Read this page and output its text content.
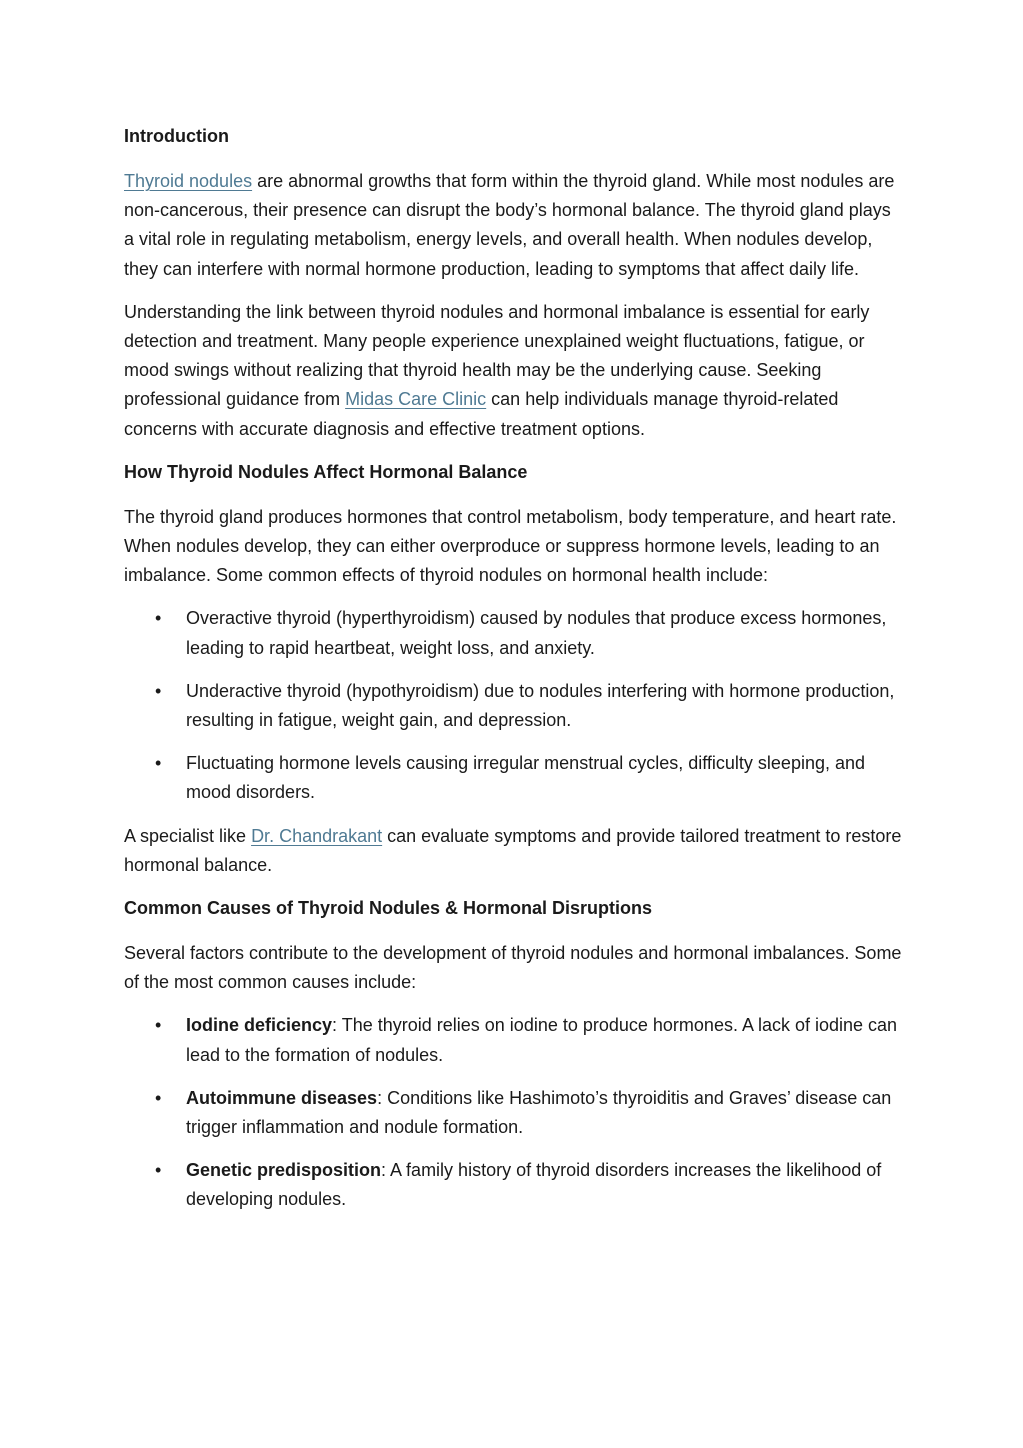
Introduction

Thyroid nodules are abnormal growths that form within the thyroid gland. While most nodules are non-cancerous, their presence can disrupt the body’s hormonal balance. The thyroid gland plays a vital role in regulating metabolism, energy levels, and overall health. When nodules develop, they can interfere with normal hormone production, leading to symptoms that affect daily life.

Understanding the link between thyroid nodules and hormonal imbalance is essential for early detection and treatment. Many people experience unexplained weight fluctuations, fatigue, or mood swings without realizing that thyroid health may be the underlying cause. Seeking professional guidance from Midas Care Clinic can help individuals manage thyroid-related concerns with accurate diagnosis and effective treatment options.

How Thyroid Nodules Affect Hormonal Balance

The thyroid gland produces hormones that control metabolism, body temperature, and heart rate. When nodules develop, they can either overproduce or suppress hormone levels, leading to an imbalance. Some common effects of thyroid nodules on hormonal health include:

• Overactive thyroid (hyperthyroidism) caused by nodules that produce excess hormones, leading to rapid heartbeat, weight loss, and anxiety.
• Underactive thyroid (hypothyroidism) due to nodules interfering with hormone production, resulting in fatigue, weight gain, and depression.
• Fluctuating hormone levels causing irregular menstrual cycles, difficulty sleeping, and mood disorders.

A specialist like Dr. Chandrakant can evaluate symptoms and provide tailored treatment to restore hormonal balance.

Common Causes of Thyroid Nodules & Hormonal Disruptions

Several factors contribute to the development of thyroid nodules and hormonal imbalances. Some of the most common causes include:

• Iodine deficiency: The thyroid relies on iodine to produce hormones. A lack of iodine can lead to the formation of nodules.
• Autoimmune diseases: Conditions like Hashimoto’s thyroiditis and Graves’ disease can trigger inflammation and nodule formation.
• Genetic predisposition: A family history of thyroid disorders increases the likelihood of developing nodules.
